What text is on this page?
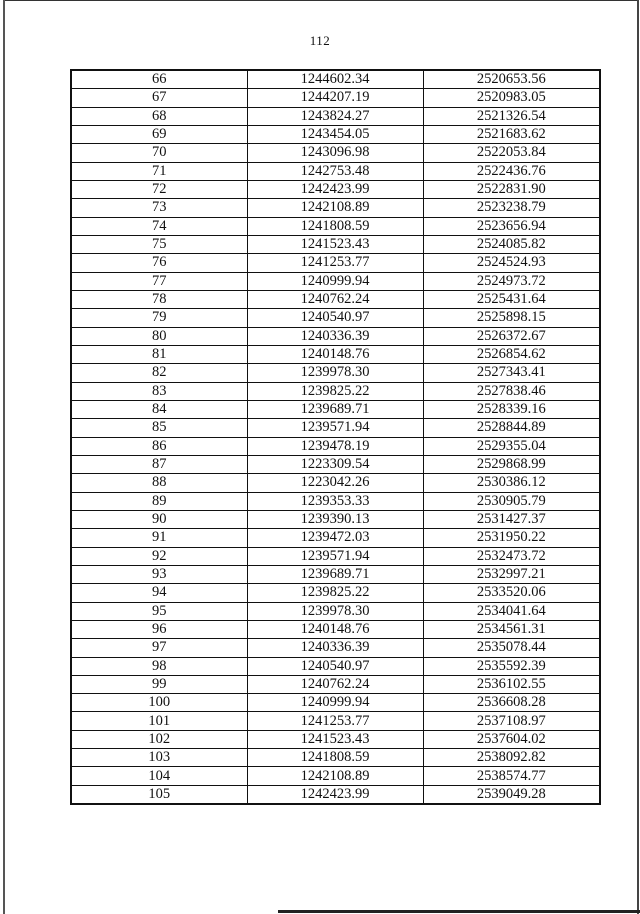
112
66	1244602.34	2520653.56
67	1244207.19	2520983.05
68	1243824.27	2521326.54
69	1243454.05	2521683.62
70	1243096.98	2522053.84
71	1242753.48	2522436.76
72	1242423.99	2522831.90
73	1242108.89	2523238.79
74	1241808.59	2523656.94
75	1241523.43	2524085.82
76	1241253.77	2524524.93
77	1240999.94	2524973.72
78	1240762.24	2525431.64
79	1240540.97	2525898.15
80	1240336.39	2526372.67
81	1240148.76	2526854.62
82	1239978.30	2527343.41
83	1239825.22	2527838.46
84	1239689.71	2528339.16
85	1239571.94	2528844.89
86	1239478.19	2529355.04
87	1223309.54	2529868.99
88	1223042.26	2530386.12
89	1239353.33	2530905.79
90	1239390.13	2531427.37
91	1239472.03	2531950.22
92	1239571.94	2532473.72
93	1239689.71	2532997.21
94	1239825.22	2533520.06
95	1239978.30	2534041.64
96	1240148.76	2534561.31
97	1240336.39	2535078.44
98	1240540.97	2535592.39
99	1240762.24	2536102.55
100	1240999.94	2536608.28
101	1241253.77	2537108.97
102	1241523.43	2537604.02
103	1241808.59	2538092.82
104	1242108.89	2538574.77
105	1242423.99	2539049.28
